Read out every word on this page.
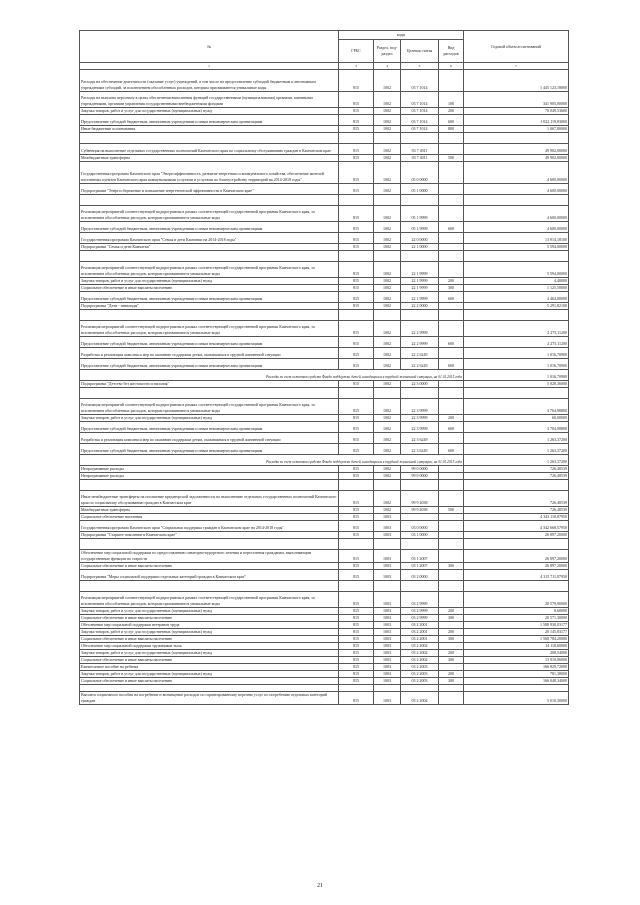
№	коды				Годовой объем ассигнований
	ГРБС	Раздел, под-раздел	Целевая статья	Вид расходов	
1	3	4	5	6	7
Расходы на обеспечение деятельности (оказание услуг) учреждений, в том числе на предоставление субсидий бюджетным и автономным учреждениям субсидий, за исключением обособленных расходов, которым присваиваются уникальные коды	815	1002	03 7 1014		1 445 123,18000
Расходы на выплаты персоналу в целях обеспечения выполнения функций государственными (муниципальными) органами, казенными учреждениями, органами управления государственными внебюджетными фондами	815	1002	03 7 1014	100	341 905,00000
Закупка товаров, работ и услуг для государственных (муниципальных) нужд	815	1002	03 7 1014	200	76 049,53600
Предоставление субсидий бюджетным, автономным учреждениям и иным некоммерческим организациям	815	1002	03 7 1014	600	1 022 119,83000
Иные бюджетные ассигнования	815	1002	03 7 1014	800	1 067,80000

Субвенция на выполнение отдельных государственных полномочий Камчатского края по социальному обслуживанию граждан в Камчатском крае	815	1002	03 7 4011		49 902,00000
Межбюджетные трансферты	815	1002	03 7 4011	500	49 902,00000
Государственная программа Камчатского края "Энергоэффективность, развитие энергетики и коммунального хозяйства, обеспечение жителей населенных пунктов Камчатского края коммунальными услугами и услугами по благоустройству территорий на 2014-2018 годы"	815	1002	05 0 0000		4 600,00000
Подпрограмма "Энергосбережение и повышение энергетической эффективности в Камчатском крае"	815	1002	05 1 0000		4 600,00000

Реализация мероприятий соответствующей подпрограммы в рамках соответствующей государственной программы Камчатского края, за исключением обособленных расходов, которым присваиваются уникальные коды	815	1002	05 1 9999		4 600,00000
Предоставление субсидий бюджетным, автономным учреждениям и иным некоммерческим организациям	815	1002	05 1 9999	600	4 600,00000
Государственная программа Камчатского края "Семья и дети Камчатки на 2014-2018 годы"	815	1002	22 0 0000		13 914,18100
Подпрограмма "Семья и дети Камчатки"	815	1002	22 1 0000		5 594,00000

Реализация мероприятий соответствующей подпрограммы в рамках соответствующей государственной программы Камчатского края, за исключением обособленных расходов, которым присваиваются уникальные коды	815	1002	22 1 9999		5 594,00000
Закупка товаров, работ и услуг для государственных (муниципальных) нужд	815	1002	22 1 9999	200	4,40000
Социальное обеспечение и иные выплаты населению	815	1002	22 1 9999	300	1 125,50000
Предоставление субсидий бюджетным, автономным учреждениям и иным некоммерческим организациям	815	1002	22 1 9999	600	4 464,00000
Подпрограмма "Дети - инвалиды"	815	1002	22 2 0000		5 291,82100

Реализация мероприятий соответствующей подпрограммы в рамках соответствующей государственной программы Камчатского края, за исключением обособленных расходов, которым присваиваются уникальные коды	815	1002	22 2 9999		2 275,11200
Предоставление субсидий бюджетным, автономным учреждениям и иным некоммерческим организациям	815	1002	22 2 9999	600	2 275,11200
Разработка и реализация комплекса мер по оказанию поддержки детям, оказавшимся в трудной жизненной ситуации	815	1002	22 2 6249		1 016,70900
Предоставление субсидий бюджетным, автономным учреждениям и иным некоммерческим организациям	815	1002	22 2 6249	600	1 016,70900
Расходы за счет остатков средств Фонда поддержки детей, находящихся в трудной жизненной ситуации, на 01.01.2015 года					1 016,70900
Подпрограмма "Детство без жестокости и насилия"	815	1002	22 3 0000		5 028,36000

Реализация мероприятий соответствующей подпрограммы в рамках соответствующей государственной программы Камчатского края, за исключением обособленных расходов, которым присваиваются уникальные коды	815	1002	22 3 9999		3 764,98800
Закупка товаров, работ и услуг для государственных (муниципальных) нужд	815	1002	22 3 9999	200	60,00000
Предоставление субсидий бюджетным, автономным учреждениям и иным некоммерческим организациям	815	1002	22 3 9999	600	3 704,98800
Разработка и реализация комплекса мер по оказанию поддержки детям, оказавшимся в трудной жизненной ситуации	815	1002	22 3 6249		1 263,37200
Предоставление субсидий бюджетным, автономным учреждениям и иным некоммерческим организациям	815	1002	22 3 6249	600	1 263,37200
Расходы за счет остатков средств Фонда поддержки детей, находящихся в трудной жизненной ситуации, на 01.01.2015 года					1 263,37200
Непрограммные расходы	815	1002	99 0 0000		726,40539
Непрограммные расходы	815	1002	99 9 0000		726,40539

Иные межбюджетные трансферты на погашение кредиторской задолженности по выполнению отдельных государственных полномочий Камчатского края по социальному обслуживанию граждан в Камчатском крае	815	1002	99 9 4038		726,40539
Межбюджетные трансферты	815	1002	99 9 4038	500	726,40539
Социальное обеспечение населения	815	1003			4 343 118,87950
Государственная программа Камчатского края "Социальная поддержка граждан в Камчатском крае на 2014-2018 годы"	815	1003	03 0 0000		4 342 668,57950
Подпрограмма "Старшее поколение в Камчатском крае"	815	1003	03 1 0000		26 897,20000

Обеспечение мер социальной поддержки по предоставлению санаторно-курортного лечения и переселения гражданам, выполняющим государственные функции по старости	815	1003	03 1 2007		26 897,20000
Социальное обеспечение и иные выплаты населению	815	1003	03 1 2007	300	26 897,20000
Подпрограмма "Меры социальной поддержки отдельных категорий граждан в Камчатском крае"	815	1003	03 2 0000		4 315 711,87950

Реализация мероприятий соответствующей подпрограммы в рамках соответствующей государственной программы Камчатского края, за исключением обособленных расходов, которым присваиваются уникальные коды	815	1003	03 2 9999		20 579,90000
Закупка товаров, работ и услуг для государственных (муниципальных) нужд	815	1003	03 2 9999	200	8,60000
Социальное обеспечение и иные выплаты населению	815	1003	03 2 9999	300	20 571,30000
Обеспечение мер социальной поддержки ветеранов труда	815	1003	03 2 2001		1 588 930,03177
Закупка товаров, работ и услуг для государственных (муниципальных) нужд	815	1003	03 2 2001	200	20 145,83177
Социальное обеспечение и иные выплаты населению	815	1003	03 2 2001	300	1 568 784,20000
Обеспечение мер социальной поддержки тружеников тыла	815	1003	03 2 2002		14 118,60000
Закупка товаров, работ и услуг для государственных (муниципальных) нужд	815	1003	03 2 2002	200	208,54000
Социальное обеспечение и иные выплаты населению	815	1003	03 2 2002	300	13 910,06000
Ежемесячное пособие на ребенка	815	1003	03 2 2003		166 829,72000
Закупка товаров, работ и услуг для государственных (муниципальных) нужд	815	1003	03 2 2003	200	781,38000
Социальное обеспечение и иные выплаты населению	815	1003	03 2 2003	300	166 048,34000

Выплата социального пособия на погребение и возмещение расходов по гарантированному перечню услуг по погребению отдельных категорий граждан	815	1003	03 2 2004		5 010,30000
21
